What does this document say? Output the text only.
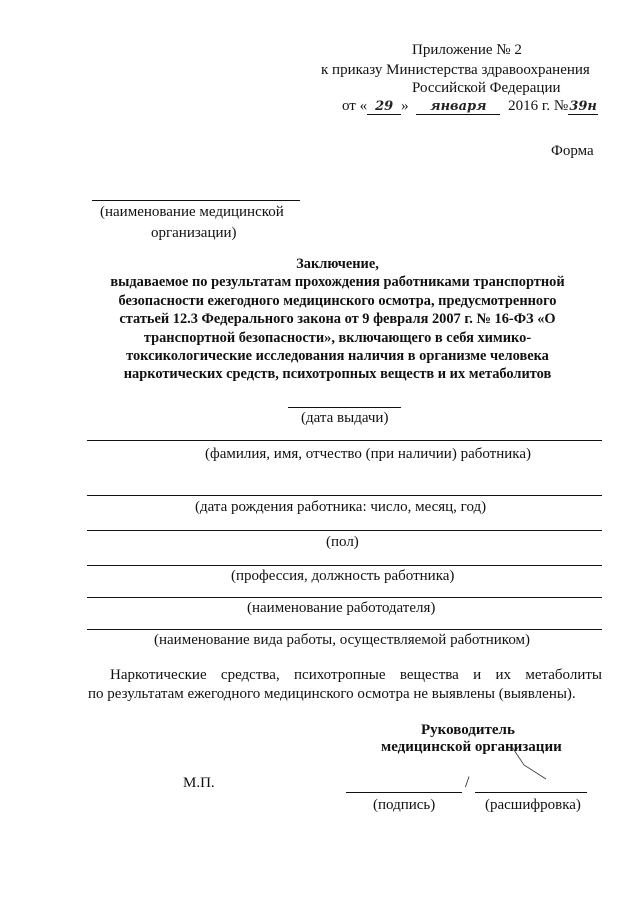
Приложение № 2
к приказу Министерства здравоохранения
Российской Федерации
от « 29 » января 2016 г. №39н
Форма
(наименование медицинской
организации)
Заключение,
выдаваемое по результатам прохождения работниками транспортной
безопасности ежегодного медицинского осмотра, предусмотренного
статьей 12.3 Федерального закона от 9 февраля 2007 г. № 16-ФЗ «О
транспортной безопасности», включающего в себя химико-
токсикологические исследования наличия в организме человека
наркотических средств, психотропных веществ и их метаболитов
(дата выдачи)
(фамилия, имя, отчество (при наличии) работника)
(дата рождения работника: число, месяц, год)
(пол)
(профессия, должность работника)
(наименование работодателя)
(наименование вида работы, осуществляемой работником)
Наркотические средства, психотропные вещества и их метаболиты
по результатам ежегодного медицинского осмотра не выявлены (выявлены).
Руководитель
медицинской организации
М.П.	/
(подпись)	(расшифровка)
